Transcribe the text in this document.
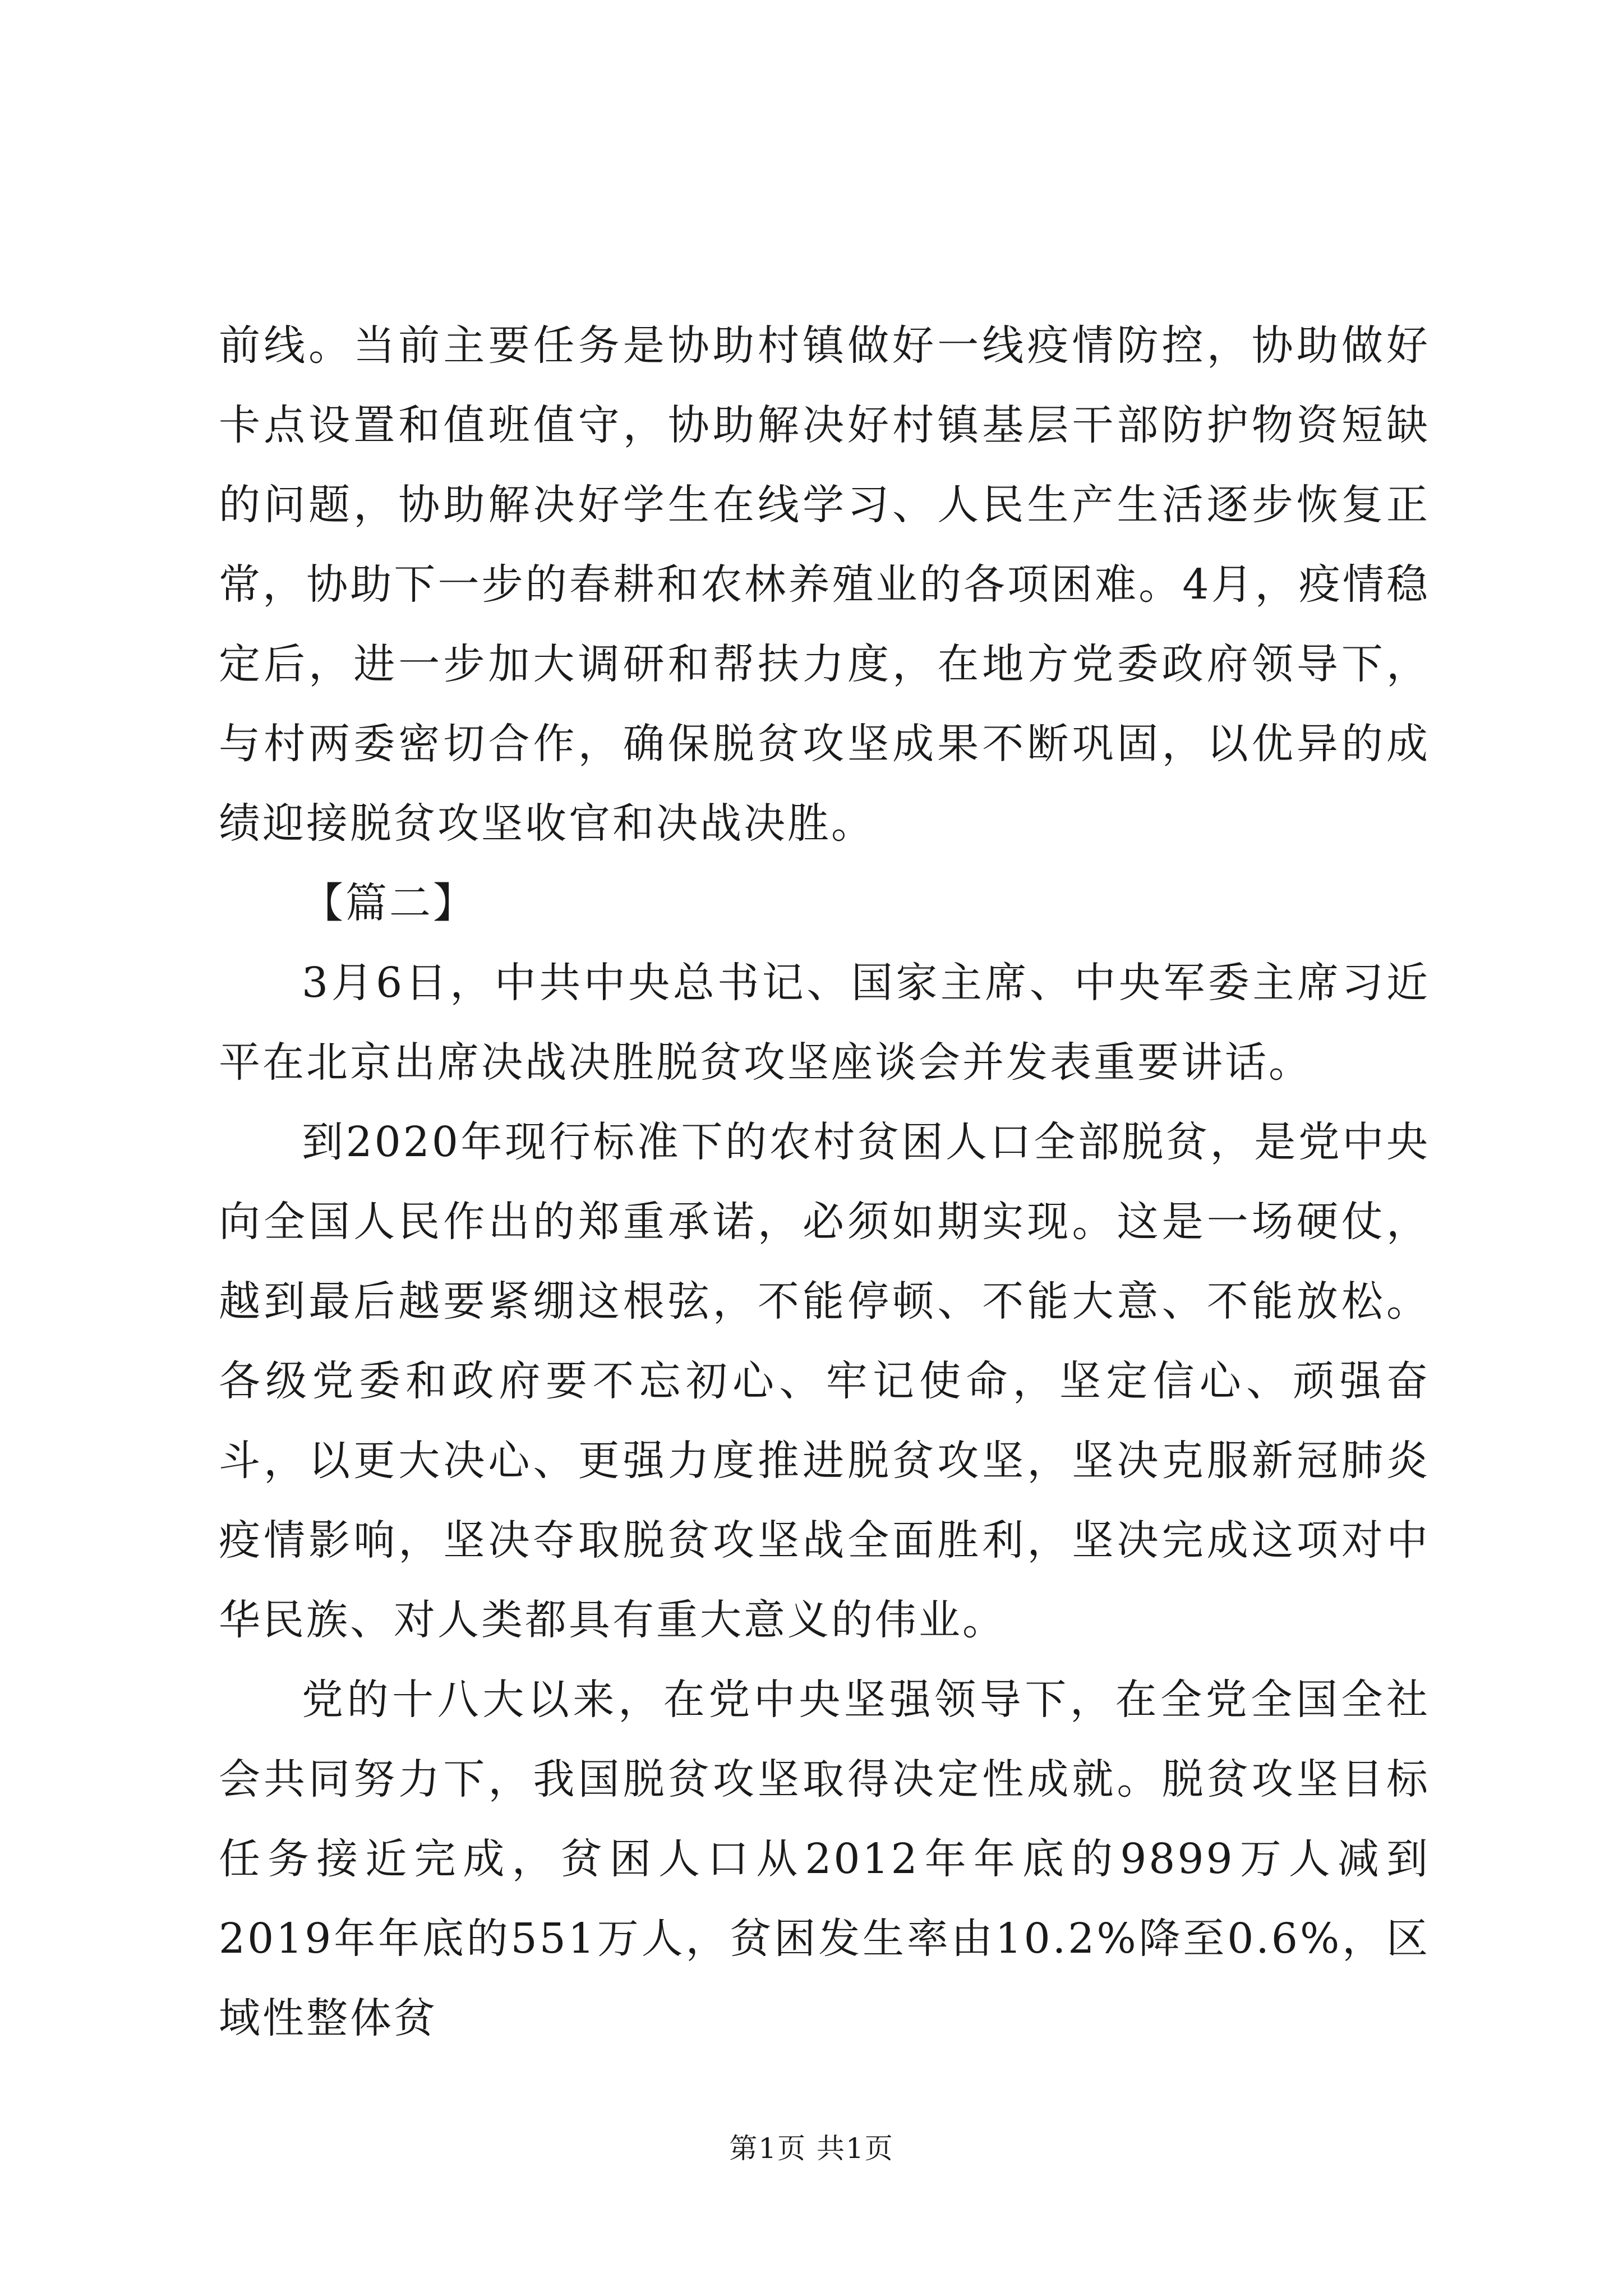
前线。当前主要任务是协助村镇做好一线疫情防控，协助做好卡点设置和值班值守，协助解决好村镇基层干部防护物资短缺的问题，协助解决好学生在线学习、人民生产生活逐步恢复正常，协助下一步的春耕和农林养殖业的各项困难。4月，疫情稳定后，进一步加大调研和帮扶力度，在地方党委政府领导下，与村两委密切合作，确保脱贫攻坚成果不断巩固，以优异的成绩迎接脱贫攻坚收官和决战决胜。

【篇二】

3月6日，中共中央总书记、国家主席、中央军委主席习近平在北京出席决战决胜脱贫攻坚座谈会并发表重要讲话。

到2020年现行标准下的农村贫困人口全部脱贫，是党中央向全国人民作出的郑重承诺，必须如期实现。这是一场硬仗，越到最后越要紧绷这根弦，不能停顿、不能大意、不能放松。各级党委和政府要不忘初心、牢记使命，坚定信心、顽强奋斗，以更大决心、更强力度推进脱贫攻坚，坚决克服新冠肺炎疫情影响，坚决夺取脱贫攻坚战全面胜利，坚决完成这项对中华民族、对人类都具有重大意义的伟业。

党的十八大以来，在党中央坚强领导下，在全党全国全社会共同努力下，我国脱贫攻坚取得决定性成就。脱贫攻坚目标任务接近完成，贫困人口从2012年年底的9899万人减到2019年年底的551万人，贫困发生率由10.2%降至0.6%，区域性整体贫

第1页 共1页
